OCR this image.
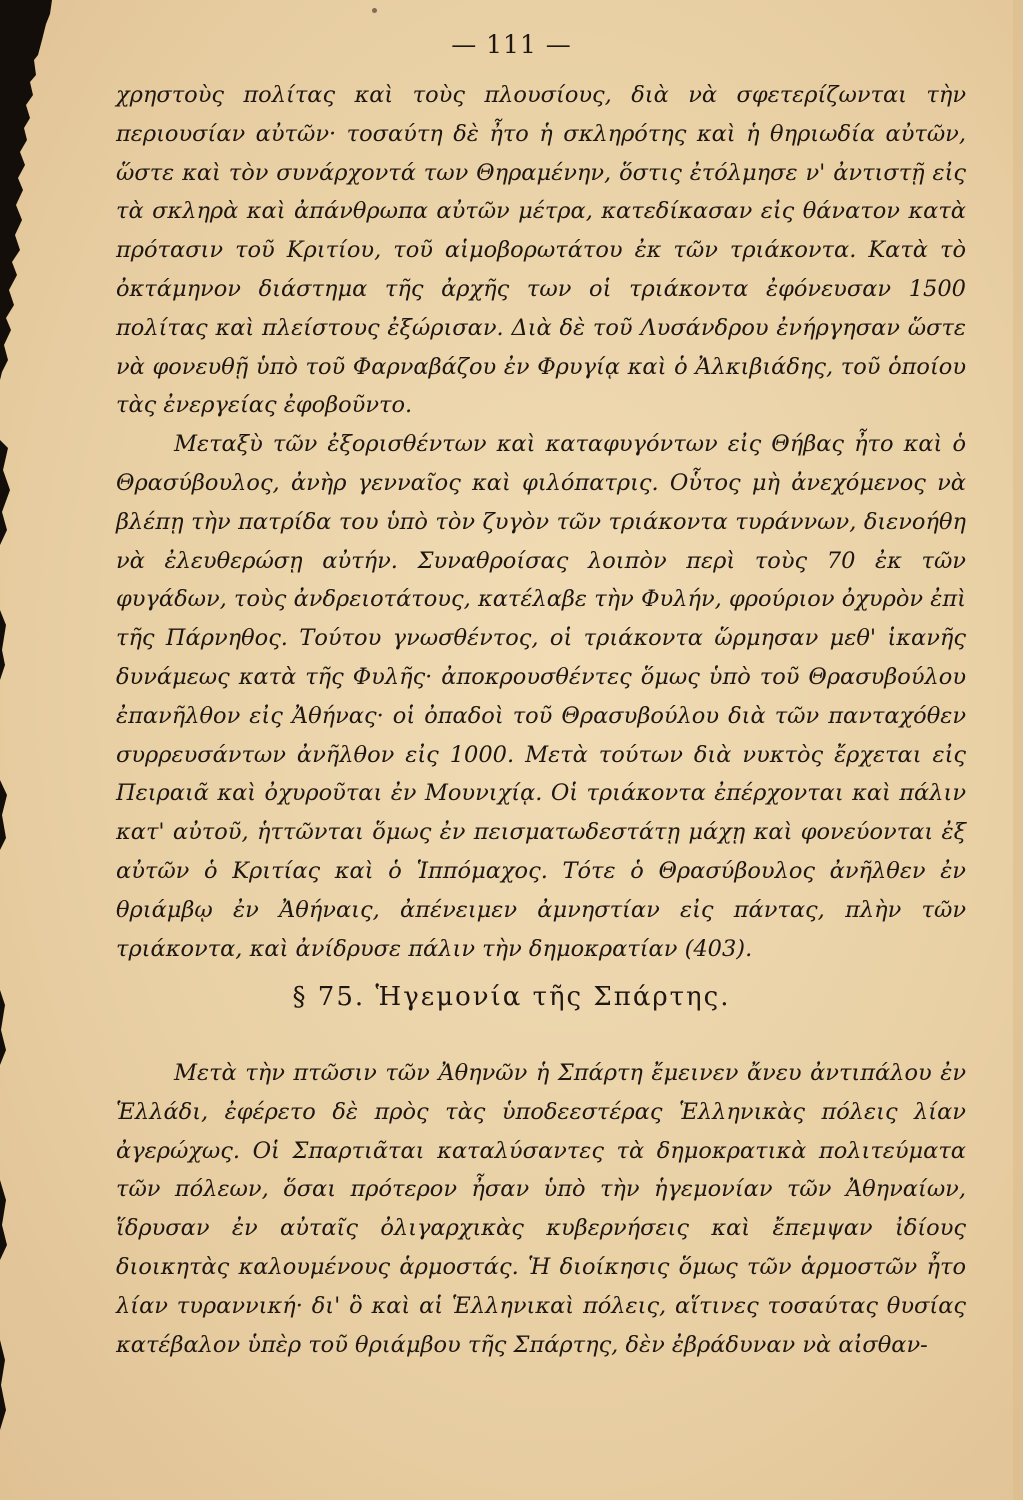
— 111 —

χρηστοὺς πολίτας καὶ τοὺς πλουσίους, διὰ νὰ σφετερίζωνται τὴν περιουσίαν αὐτῶν· τοσαύτη δὲ ἦτο ἡ σκληρότης καὶ ἡ θηριωδία αὐτῶν, ὥστε καὶ τὸν συνάρχοντά των Θηραμένην, ὅστις ἐτόλμησε ν' ἀντιστῇ εἰς τὰ σκληρὰ καὶ ἀπάνθρωπα αὐτῶν μέτρα, κατεδίκασαν εἰς θάνατον κατὰ πρότασιν τοῦ Κριτίου, τοῦ αἱμοβορωτάτου ἐκ τῶν τριάκοντα. Κατὰ τὸ ὀκτάμηνον διάστημα τῆς ἀρχῆς των οἱ τριάκοντα ἐφόνευσαν 1500 πολίτας καὶ πλείστους ἐξώρισαν. Διὰ δὲ τοῦ Λυσάνδρου ἐνήργησαν ὥστε νὰ φονευθῇ ὑπὸ τοῦ Φαρναβάζου ἐν Φρυγίᾳ καὶ ὁ Ἀλκιβιάδης, τοῦ ὁποίου τὰς ἐνεργείας ἐφοβοῦντο.

Μεταξὺ τῶν ἐξορισθέντων καὶ καταφυγόντων εἰς Θήβας ἦτο καὶ ὁ Θρασύβουλος, ἀνὴρ γενναῖος καὶ φιλόπατρις. Οὗτος μὴ ἀνεχόμενος νὰ βλέπῃ τὴν πατρίδα του ὑπὸ τὸν ζυγὸν τῶν τριάκοντα τυράννων, διενοήθη νὰ ἐλευθερώσῃ αὐτήν. Συναθροίσας λοιπὸν περὶ τοὺς 70 ἐκ τῶν φυγάδων, τοὺς ἀνδρειοτάτους, κατέλαβε τὴν Φυλήν, φρούριον ὀχυρὸν ἐπὶ τῆς Πάρνηθος. Τούτου γνωσθέντος, οἱ τριάκοντα ὥρμησαν μεθ' ἱκανῆς δυνάμεως κατὰ τῆς Φυλῆς· ἀποκρουσθέντες ὅμως ὑπὸ τοῦ Θρασυβούλου ἐπανῆλθον εἰς Ἀθήνας· οἱ ὀπαδοὶ τοῦ Θρασυβούλου διὰ τῶν πανταχόθεν συρρευσάντων ἀνῆλθον εἰς 1000. Μετὰ τούτων διὰ νυκτὸς ἔρχεται εἰς Πειραιᾶ καὶ ὀχυροῦται ἐν Μουνιχίᾳ. Οἱ τριάκοντα ἐπέρχονται καὶ πάλιν κατ' αὐτοῦ, ἡττῶνται ὅμως ἐν πεισματωδεστάτῃ μάχῃ καὶ φονεύονται ἐξ αὐτῶν ὁ Κριτίας καὶ ὁ Ἱππόμαχος. Τότε ὁ Θρασύβουλος ἀνῆλθεν ἐν θριάμβῳ ἐν Ἀθήναις, ἀπένειμεν ἀμνηστίαν εἰς πάντας, πλὴν τῶν τριάκοντα, καὶ ἀνίδρυσε πάλιν τὴν δημοκρατίαν (403).

§ 75. Ἡγεμονία τῆς Σπάρτης.

Μετὰ τὴν πτῶσιν τῶν Ἀθηνῶν ἡ Σπάρτη ἔμεινεν ἄνευ ἀντιπάλου ἐν Ἑλλάδι, ἐφέρετο δὲ πρὸς τὰς ὑποδεεστέρας Ἑλληνικὰς πόλεις λίαν ἀγερώχως. Οἱ Σπαρτιᾶται καταλύσαντες τὰ δημοκρατικὰ πολιτεύματα τῶν πόλεων, ὅσαι πρότερον ἦσαν ὑπὸ τὴν ἡγεμονίαν τῶν Ἀθηναίων, ἵδρυσαν ἐν αὐταῖς ὀλιγαρχικὰς κυβερνήσεις καὶ ἔπεμψαν ἰδίους διοικητὰς καλουμένους ἁρμοστάς. Ἡ διοίκησις ὅμως τῶν ἁρμοστῶν ἦτο λίαν τυραννική· δι' ὃ καὶ αἱ Ἑλληνικαὶ πόλεις, αἵτινες τοσαύτας θυσίας κατέβαλον ὑπὲρ τοῦ θριάμβου τῆς Σπάρτης, δὲν ἐβράδυναν νὰ αἰσθαν-
